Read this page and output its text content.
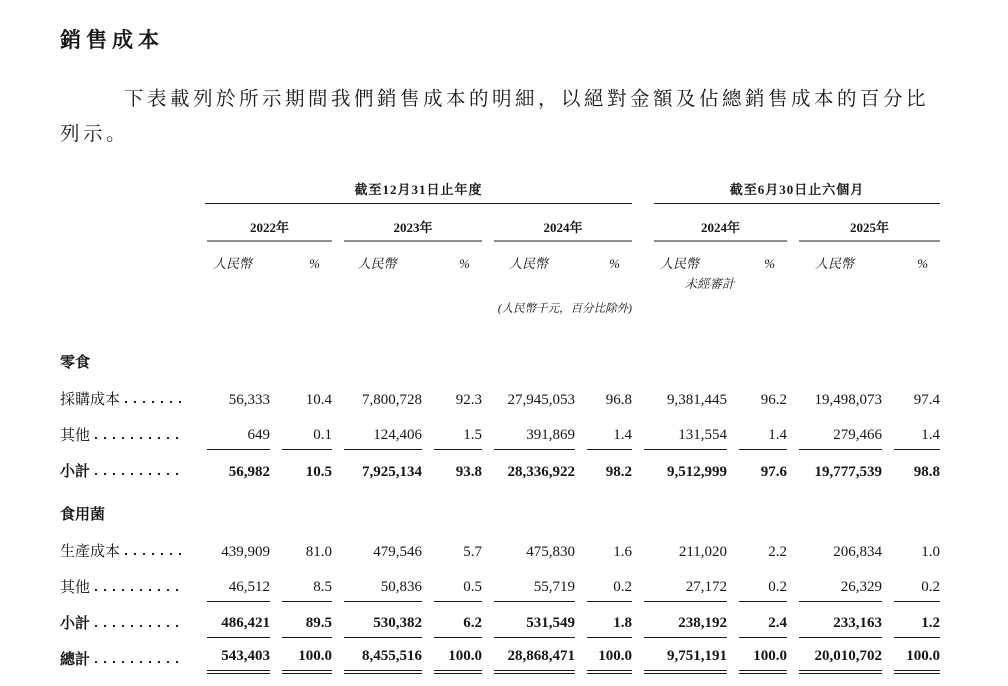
銷售成本

下表載列於所示期間我們銷售成本的明細，以絕對金額及佔總銷售成本的百分比列示。

	截至12月31日止年度						截至6月30日止六個月			

	2022年		2023年		2024年		2024年		2025年	

	人民幣	%	人民幣	%	人民幣	%	人民幣	%	人民幣	%
							未經審計			
				(人民幣千元，百分比除外)						
零食										

採購成本	56,333	10.4	7,800,728	92.3	27,945,053	96.8	9,381,445	96.2	19,498,073	97.4

其他	649	0.1	124,406	1.5	391,869	1.4	131,554	1.4	279,466	1.4

小計	56,982	10.5	7,925,134	93.8	28,336,922	98.2	9,512,999	97.6	19,777,539	98.8

食用菌										

生產成本	439,909	81.0	479,546	5.7	475,830	1.6	211,020	2.2	206,834	1.0

其他	46,512	8.5	50,836	0.5	55,719	0.2	27,172	0.2	26,329	0.2

小計	486,421	89.5	530,382	6.2	531,549	1.8	238,192	2.4	233,163	1.2

總計	543,403	100.0	8,455,516	100.0	28,868,471	100.0	9,751,191	100.0	20,010,702	100.0
